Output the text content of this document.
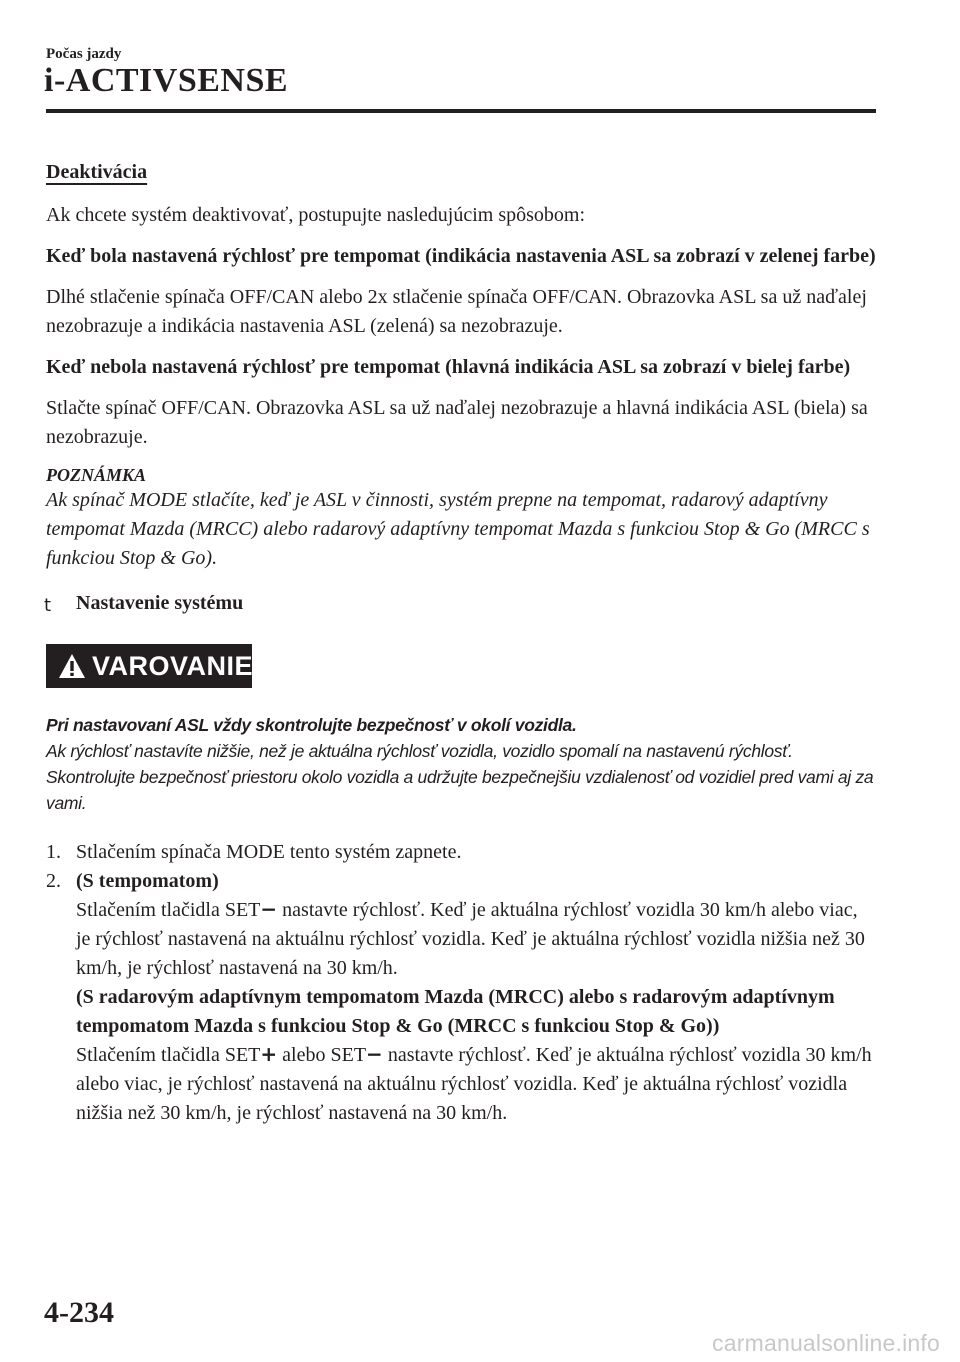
Počas jazdy
i-ACTIVSENSE

Deaktivácia

Ak chcete systém deaktivovať, postupujte nasledujúcim spôsobom:

Keď bola nastavená rýchlosť pre tempomat (indikácia nastavenia ASL sa zobrazí v zelenej farbe)

Dlhé stlačenie spínača OFF/CAN alebo 2x stlačenie spínača OFF/CAN. Obrazovka ASL sa už naďalej nezobrazuje a indikácia nastavenia ASL (zelená) sa nezobrazuje.

Keď nebola nastavená rýchlosť pre tempomat (hlavná indikácia ASL sa zobrazí v bielej farbe)

Stlačte spínač OFF/CAN. Obrazovka ASL sa už naďalej nezobrazuje a hlavná indikácia ASL (biela) sa nezobrazuje.

POZNÁMKA

Ak spínač MODE stlačíte, keď je ASL v činnosti, systém prepne na tempomat, radarový adaptívny tempomat Mazda (MRCC) alebo radarový adaptívny tempomat Mazda s funkciou Stop & Go (MRCC s funkciou Stop & Go).

t Nastavenie systému

VAROVANIE

Pri nastavovaní ASL vždy skontrolujte bezpečnosť v okolí vozidla.
Ak rýchlosť nastavíte nižšie, než je aktuálna rýchlosť vozidla, vozidlo spomalí na nastavenú rýchlosť. Skontrolujte bezpečnosť priestoru okolo vozidla a udržujte bezpečnejšiu vzdialenosť od vozidiel pred vami aj za vami.

1. Stlačením spínača MODE tento systém zapnete.
2. (S tempomatom)
Stlačením tlačidla SET− nastavte rýchlosť. Keď je aktuálna rýchlosť vozidla 30 km/h alebo viac, je rýchlosť nastavená na aktuálnu rýchlosť vozidla. Keď je aktuálna rýchlosť vozidla nižšia než 30 km/h, je rýchlosť nastavená na 30 km/h.
(S radarovým adaptívnym tempomatom Mazda (MRCC) alebo s radarovým adaptívnym tempomatom Mazda s funkciou Stop & Go (MRCC s funkciou Stop & Go))
Stlačením tlačidla SET+ alebo SET− nastavte rýchlosť. Keď je aktuálna rýchlosť vozidla 30 km/h alebo viac, je rýchlosť nastavená na aktuálnu rýchlosť vozidla. Keď je aktuálna rýchlosť vozidla nižšia než 30 km/h, je rýchlosť nastavená na 30 km/h.
4-234
carmanualsonline.info
